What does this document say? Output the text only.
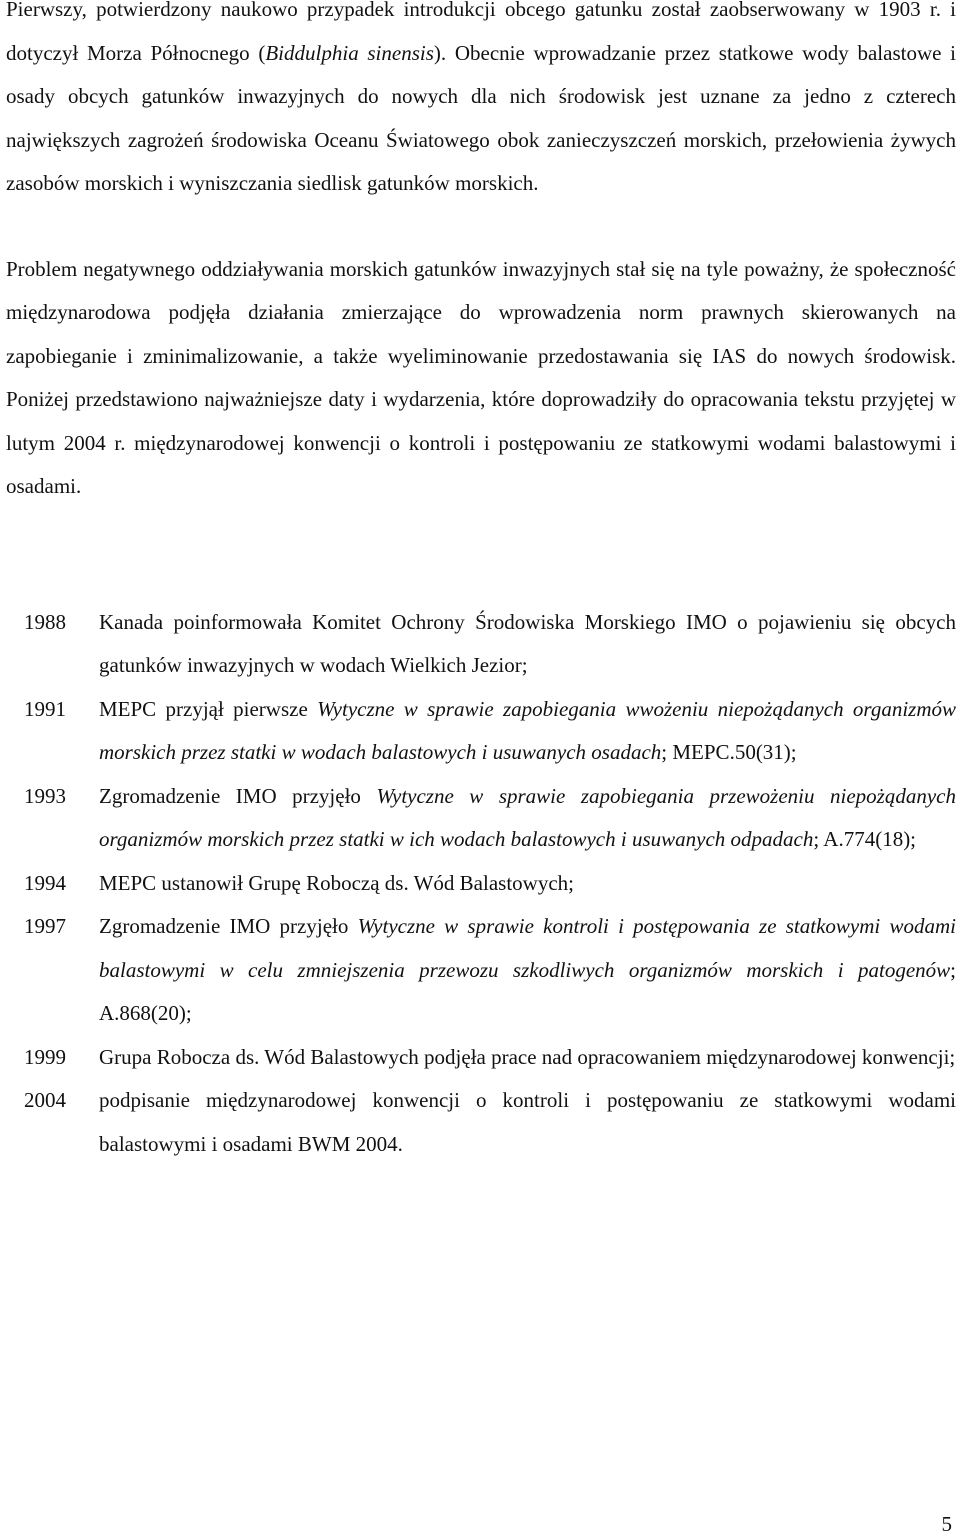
Pierwszy, potwierdzony naukowo przypadek introdukcji obcego gatunku został zaobserwowany w 1903 r. i dotyczył Morza Północnego (Biddulphia sinensis). Obecnie wprowadzanie przez statkowe wody balastowe i osady obcych gatunków inwazyjnych do nowych dla nich środowisk jest uznane za jedno z czterech największych zagrożeń środowiska Oceanu Światowego obok zanieczyszczeń morskich, przełowienia żywych zasobów morskich i wyniszczania siedlisk gatunków morskich.

Problem negatywnego oddziaływania morskich gatunków inwazyjnych stał się na tyle poważny, że społeczność międzynarodowa podjęła działania zmierzające do wprowadzenia norm prawnych skierowanych na zapobieganie i zminimalizowanie, a także wyeliminowanie przedostawania się IAS do nowych środowisk. Poniżej przedstawiono najważniejsze daty i wydarzenia, które doprowadziły do opracowania tekstu przyjętej w lutym 2004 r. międzynarodowej konwencji o kontroli i postępowaniu ze statkowymi wodami balastowymi i osadami.

1988	Kanada poinformowała Komitet Ochrony Środowiska Morskiego IMO o pojawieniu się obcych gatunków inwazyjnych w wodach Wielkich Jezior;
1991	MEPC przyjął pierwsze Wytyczne w sprawie zapobiegania wwożeniu niepożądanych organizmów morskich przez statki w wodach balastowych i usuwanych osadach; MEPC.50(31);
1993	Zgromadzenie IMO przyjęło Wytyczne w sprawie zapobiegania przewożeniu niepożądanych organizmów morskich przez statki w ich wodach balastowych i usuwanych odpadach; A.774(18);
1994	MEPC ustanowił Grupę Roboczą ds. Wód Balastowych;
1997	Zgromadzenie IMO przyjęło Wytyczne w sprawie kontroli i postępowania ze statkowymi wodami balastowymi w celu zmniejszenia przewozu szkodliwych organizmów morskich i patogenów; A.868(20);
1999	Grupa Robocza ds. Wód Balastowych podjęła prace nad opracowaniem międzynarodowej konwencji;
2004	podpisanie międzynarodowej konwencji o kontroli i postępowaniu ze statkowymi wodami balastowymi i osadami BWM 2004.
5
